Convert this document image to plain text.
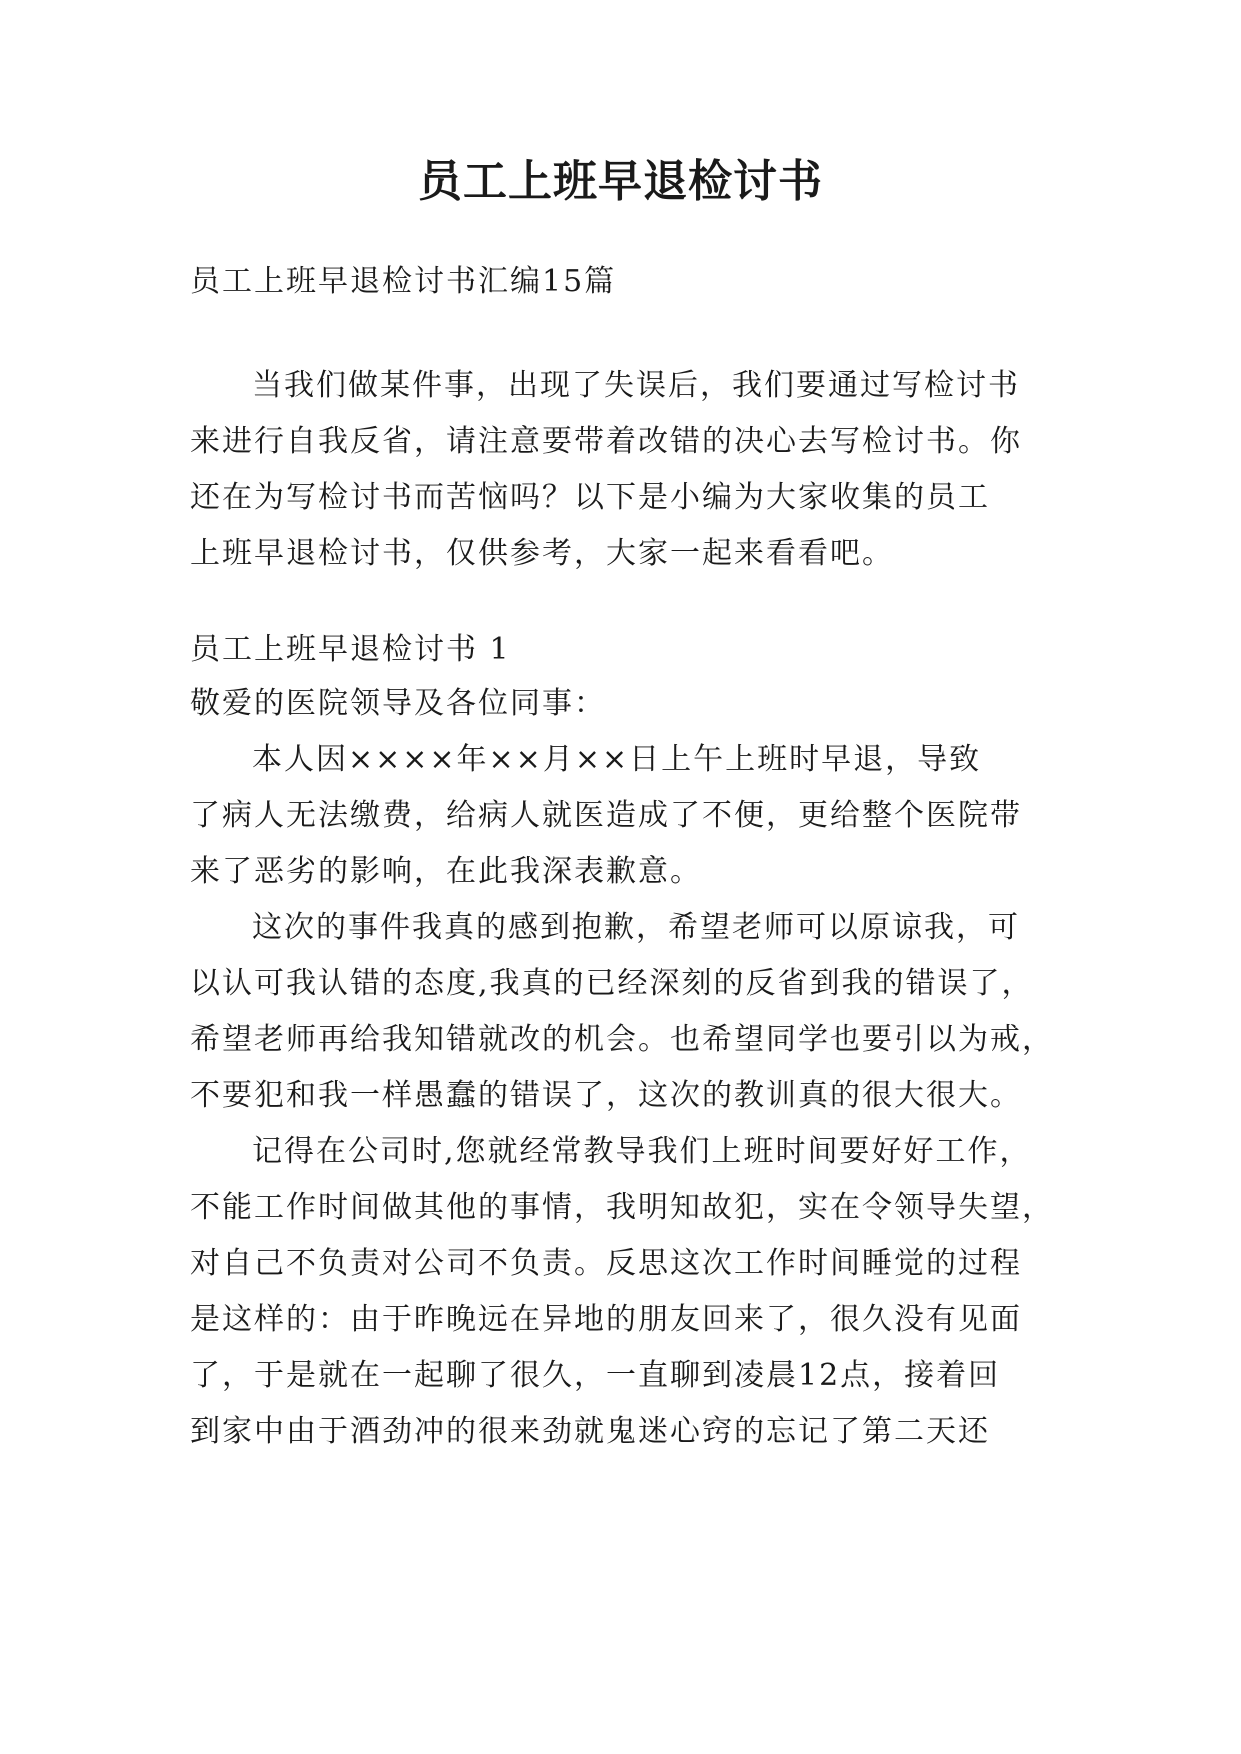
员工上班早退检讨书
员工上班早退检讨书汇编15篇
当我们做某件事，出现了失误后，我们要通过写检讨书
来进行自我反省，请注意要带着改错的决心去写检讨书。你
还在为写检讨书而苦恼吗？以下是小编为大家收集的员工
上班早退检讨书，仅供参考，大家一起来看看吧。
员工上班早退检讨书 1
敬爱的医院领导及各位同事：
本人因××××年××月××日上午上班时早退，导致
了病人无法缴费，给病人就医造成了不便，更给整个医院带
来了恶劣的影响，在此我深表歉意。
这次的事件我真的感到抱歉，希望老师可以原谅我，可
以认可我认错的态度,我真的已经深刻的反省到我的错误了，
希望老师再给我知错就改的机会。也希望同学也要引以为戒，
不要犯和我一样愚蠢的错误了，这次的教训真的很大很大。
记得在公司时,您就经常教导我们上班时间要好好工作，
不能工作时间做其他的事情，我明知故犯，实在令领导失望，
对自己不负责对公司不负责。反思这次工作时间睡觉的过程
是这样的：由于昨晚远在异地的朋友回来了，很久没有见面
了，于是就在一起聊了很久，一直聊到凌晨12点，接着回
到家中由于酒劲冲的很来劲就鬼迷心窍的忘记了第二天还
